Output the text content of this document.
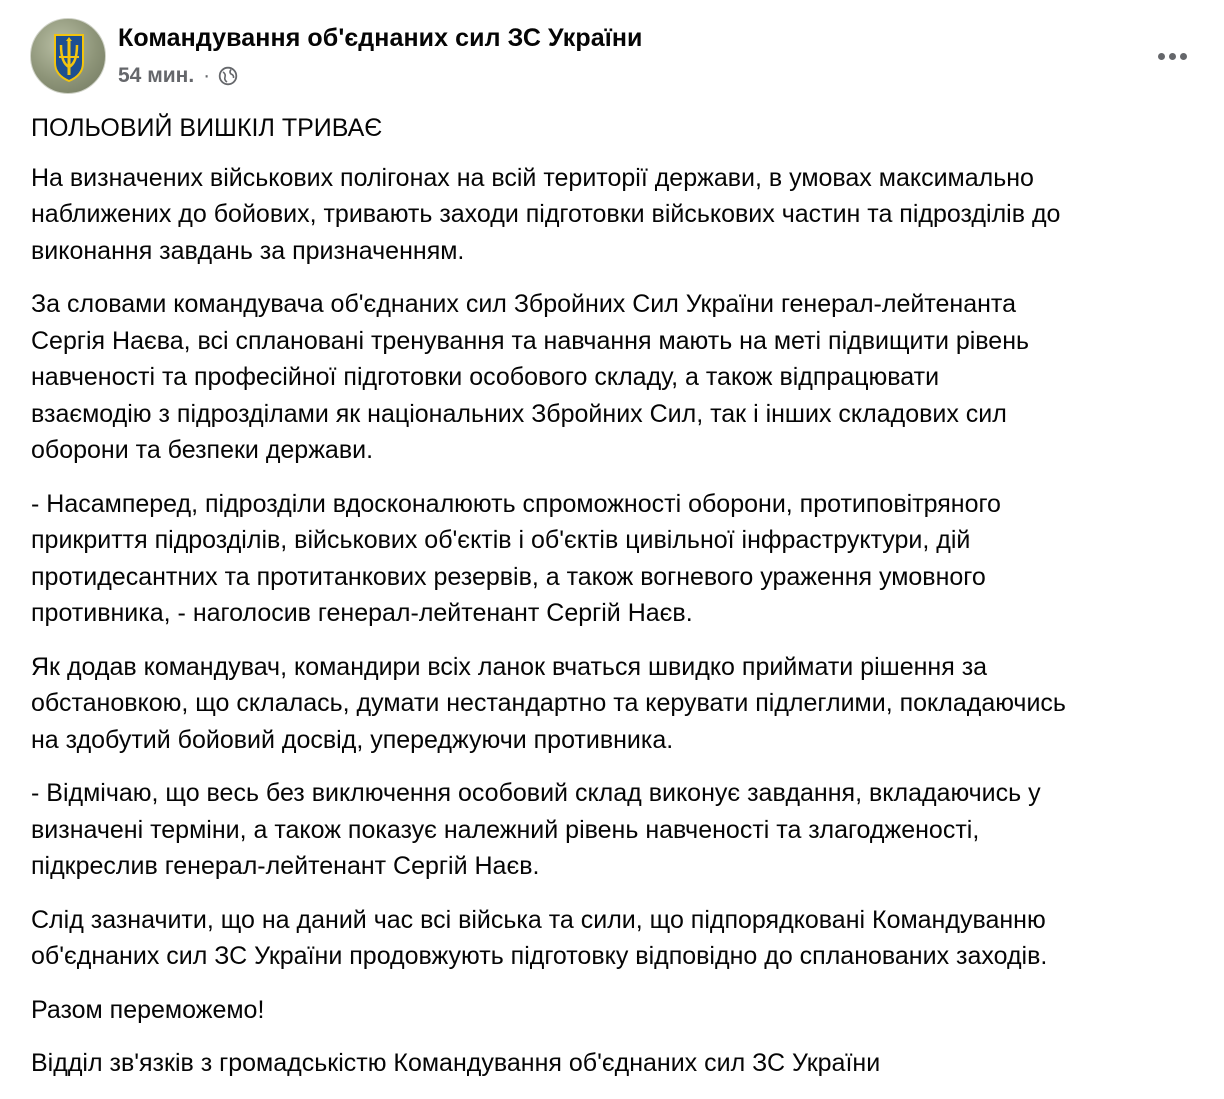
Командування об'єднаних сил ЗС України
54 мин. ·

ПОЛЬОВИЙ ВИШКІЛ ТРИВАЄ

На визначених військових полігонах на всій території держави, в умовах максимально
наближених до бойових, тривають заходи підготовки військових частин та підрозділів до
виконання завдань за призначенням.

За словами командувача об'єднаних сил Збройних Сил України генерал-лейтенанта
Сергія Наєва, всі сплановані тренування та навчання мають на меті підвищити рівень
навченості та професійної підготовки особового складу, а також відпрацювати
взаємодію з підрозділами як національних Збройних Сил, так і інших складових сил
оборони та безпеки держави.

- Насамперед, підрозділи вдосконалюють спроможності оборони, протиповітряного
прикриття підрозділів, військових об'єктів і об'єктів цивільної інфраструктури, дій
протидесантних та протитанкових резервів, а також вогневого ураження умовного
противника, - наголосив генерал-лейтенант Сергій Наєв.

Як додав командувач, командири всіх ланок вчаться швидко приймати рішення за
обстановкою, що склалась, думати нестандартно та керувати підлеглими, покладаючись
на здобутий бойовий досвід, упереджуючи противника.

- Відмічаю, що весь без виключення особовий склад виконує завдання, вкладаючись у
визначені терміни, а також показує належний рівень навченості та злагодженості,
підкреслив генерал-лейтенант Сергій Наєв.

Слід зазначити, що на даний час всі війська та сили, що підпорядковані Командуванню
об'єднаних сил ЗС України продовжують підготовку відповідно до спланованих заходів.

Разом переможемо!

Відділ зв'язків з громадськістю Командування об'єднаних сил ЗС України
